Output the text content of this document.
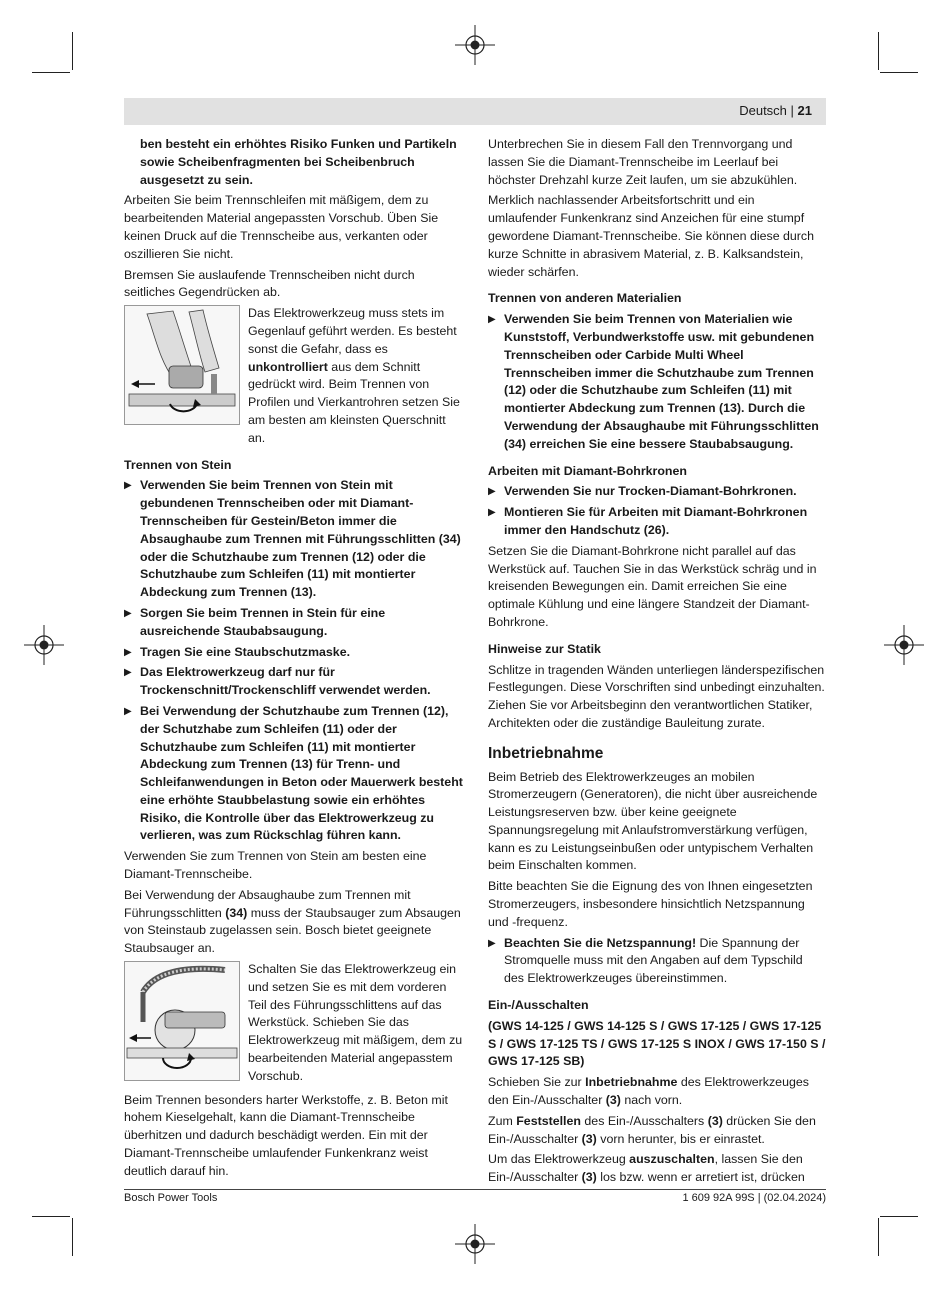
Deutsch | 21

ben besteht ein erhöhtes Risiko Funken und Partikeln sowie Scheibenfragmenten bei Scheibenbruch ausgesetzt zu sein.

Arbeiten Sie beim Trennschleifen mit mäßigem, dem zu bearbeitenden Material angepassten Vorschub. Üben Sie keinen Druck auf die Trennscheibe aus, verkanten oder oszillieren Sie nicht.

Bremsen Sie auslaufende Trennscheiben nicht durch seitliches Gegendrücken ab.

Das Elektrowerkzeug muss stets im Gegenlauf geführt werden. Es besteht sonst die Gefahr, dass es unkontrolliert aus dem Schnitt gedrückt wird. Beim Trennen von Profilen und Vierkantrohren setzen Sie am besten am kleinsten Querschnitt an.
Trennen von Stein
▶ Verwenden Sie beim Trennen von Stein mit gebundenen Trennscheiben oder mit Diamant-Trennscheiben für Gestein/Beton immer die Absaughaube zum Trennen mit Führungsschlitten (34) oder die Schutzhaube zum Trennen (12) oder die Schutzhaube zum Schleifen (11) mit montierter Abdeckung zum Trennen (13).
▶ Sorgen Sie beim Trennen in Stein für eine ausreichende Staubabsaugung.
▶ Tragen Sie eine Staubschutzmaske.
▶ Das Elektrowerkzeug darf nur für Trockenschnitt/Trockenschliff verwendet werden.
▶ Bei Verwendung der Schutzhaube zum Trennen (12), der Schutzhabe zum Schleifen (11) oder der Schutzhaube zum Schleifen (11) mit montierter Abdeckung zum Trennen (13) für Trenn- und Schleifanwendungen in Beton oder Mauerwerk besteht eine erhöhte Staubbelastung sowie ein erhöhtes Risiko, die Kontrolle über das Elektrowerkzeug zu verlieren, was zum Rückschlag führen kann.

Verwenden Sie zum Trennen von Stein am besten eine Diamant-Trennscheibe.

Bei Verwendung der Absaughaube zum Trennen mit Führungsschlitten (34) muss der Staubsauger zum Absaugen von Steinstaub zugelassen sein. Bosch bietet geeignete Staubsauger an.

Schalten Sie das Elektrowerkzeug ein und setzen Sie es mit dem vorderen Teil des Führungsschlittens auf das Werkstück. Schieben Sie das Elektrowerkzeug mit mäßigem, dem zu bearbeitenden Material angepasstem Vorschub.

Beim Trennen besonders harter Werkstoffe, z. B. Beton mit hohem Kieselgehalt, kann die Diamant-Trennscheibe überhitzen und dadurch beschädigt werden. Ein mit der Diamant-Trennscheibe umlaufender Funkenkranz weist deutlich darauf hin.

Unterbrechen Sie in diesem Fall den Trennvorgang und lassen Sie die Diamant-Trennscheibe im Leerlauf bei höchster Drehzahl kurze Zeit laufen, um sie abzukühlen.

Merklich nachlassender Arbeitsfortschritt und ein umlaufender Funkenkranz sind Anzeichen für eine stumpf gewordene Diamant-Trennscheibe. Sie können diese durch kurze Schnitte in abrasivem Material, z. B. Kalksandstein, wieder schärfen.

Trennen von anderen Materialien
▶ Verwenden Sie beim Trennen von Materialien wie Kunststoff, Verbundwerkstoffe usw. mit gebundenen Trennscheiben oder Carbide Multi Wheel Trennscheiben immer die Schutzhaube zum Trennen (12) oder die Schutzhaube zum Schleifen (11) mit montierter Abdeckung zum Trennen (13). Durch die Verwendung der Absaughaube mit Führungsschlitten (34) erreichen Sie eine bessere Staubabsaugung.
Arbeiten mit Diamant-Bohrkronen
▶ Verwenden Sie nur Trocken-Diamant-Bohrkronen.
▶ Montieren Sie für Arbeiten mit Diamant-Bohrkronen immer den Handschutz (26).

Setzen Sie die Diamant-Bohrkrone nicht parallel auf das Werkstück auf. Tauchen Sie in das Werkstück schräg und in kreisenden Bewegungen ein. Damit erreichen Sie eine optimale Kühlung und eine längere Standzeit der Diamant-Bohrkrone.

Hinweise zur Statik

Schlitze in tragenden Wänden unterliegen länderspezifischen Festlegungen. Diese Vorschriften sind unbedingt einzuhalten. Ziehen Sie vor Arbeitsbeginn den verantwortlichen Statiker, Architekten oder die zuständige Bauleitung zurate.

Inbetriebnahme

Beim Betrieb des Elektrowerkzeuges an mobilen Stromerzeugern (Generatoren), die nicht über ausreichende Leistungsreserven bzw. über keine geeignete Spannungsregelung mit Anlaufstromverstärkung verfügen, kann es zu Leistungseinbußen oder untypischem Verhalten beim Einschalten kommen.

Bitte beachten Sie die Eignung des von Ihnen eingesetzten Stromerzeugers, insbesondere hinsichtlich Netzspannung und -frequenz.

▶ Beachten Sie die Netzspannung! Die Spannung der Stromquelle muss mit den Angaben auf dem Typschild des Elektrowerkzeuges übereinstimmen.
Ein-/Ausschalten

(GWS 14-125 / GWS 14-125 S / GWS 17-125 / GWS 17-125 S / GWS 17-125 TS / GWS 17-125 S INOX / GWS 17-150 S / GWS 17-125 SB)

Schieben Sie zur Inbetriebnahme des Elektrowerkzeuges den Ein-/Ausschalter (3) nach vorn.

Zum Feststellen des Ein-/Ausschalters (3) drücken Sie den Ein-/Ausschalter (3) vorn herunter, bis er einrastet.

Um das Elektrowerkzeug auszuschalten, lassen Sie den Ein-/Ausschalter (3) los bzw. wenn er arretiert ist, drücken

Bosch Power Tools	1 609 92A 99S | (02.04.2024)
